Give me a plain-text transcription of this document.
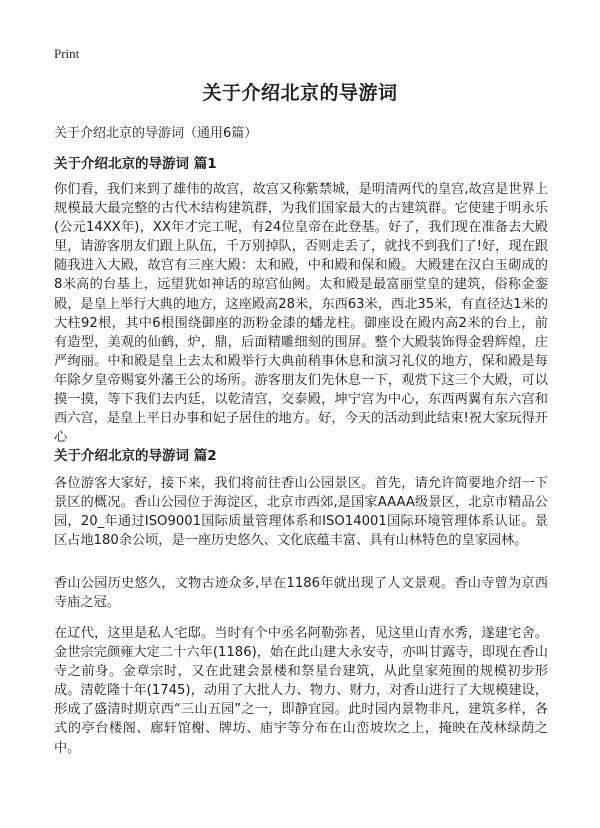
Print
关于介绍北京的导游词

关于介绍北京的导游词（通用6篇）

关于介绍北京的导游词 篇1

你们看，我们来到了雄伟的故宫，故宫又称紫禁城，是明清两代的皇宫,故宫是世界上规模最大最完整的古代木结构建筑群，为我们国家最大的古建筑群。它使建于明永乐(公元14XX年)，XX年才完工呢，有24位皇帝在此登基。好了，我们现在准备去大殿里，请游客朋友们跟上队伍，千万别掉队，否则走丢了，就找不到我们了!好，现在跟随我进入大殿，故宫有三座大殿：太和殿，中和殿和保和殿。大殿建在汉白玉砌成的8米高的台基上，远望犹如神话的琼宫仙阙。太和殿是最富丽堂皇的建筑，俗称金銮殿，是皇上举行大典的地方，这座殿高28米，东西63米，西北35米，有直径达1米的大柱92根，其中6根围绕御座的沥粉金漆的蟠龙柱。御座设在殿内高2米的台上，前有造型，美观的仙鹤，炉，鼎，后面精雕细刻的围屏。整个大殿装饰得金碧辉煌，庄严绚丽。中和殿是皇上去太和殿举行大典前稍事休息和演习礼仪的地方，保和殿是每年除夕皇帝赐宴外藩王公的场所。游客朋友们先休息一下，观赏下这三个大殿，可以摸一摸，等下我们去内廷，以乾清宫，交泰殿，坤宁宫为中心，东西两翼有东六宫和西六宫，是皇上平日办事和妃子居住的地方。好，今天的活动到此结束!祝大家玩得开心

关于介绍北京的导游词 篇2

各位游客大家好，接下来，我们将前往香山公园景区。首先，请允许简要地介绍一下景区的概况。香山公园位于海淀区，北京市西郊,是国家AAAA级景区，北京市精品公园，20_年通过ISO9001国际质量管理体系和ISO14001国际环境管理体系认证。景区占地180余公顷，是一座历史悠久、文化底蕴丰富、具有山林特色的皇家园林。

香山公园历史悠久，文物古迹众多,早在1186年就出现了人文景观。香山寺曾为京西寺庙之冠。

在辽代，这里是私人宅邸。当时有个中丞名阿勒弥者，见这里山青水秀，遂建宅舍。金世宗完颜雍大定二十六年(1186)，始在此山建大永安寺，亦叫甘露寺，即现在香山寺之前身。金章宗时，又在此建会景楼和祭星台建筑，从此皇家苑囿的规模初步形成。清乾隆十年(1745)，动用了大批人力、物力、财力，对香山进行了大规模建设，形成了盛清时期京西“三山五园”之一，即静宜园。此时园内景物非凡，建筑多样，各式的亭台楼阁、廊轩馆榭、牌坊、庙宇等分布在山峦坡坎之上，掩映在茂林绿荫之中。
